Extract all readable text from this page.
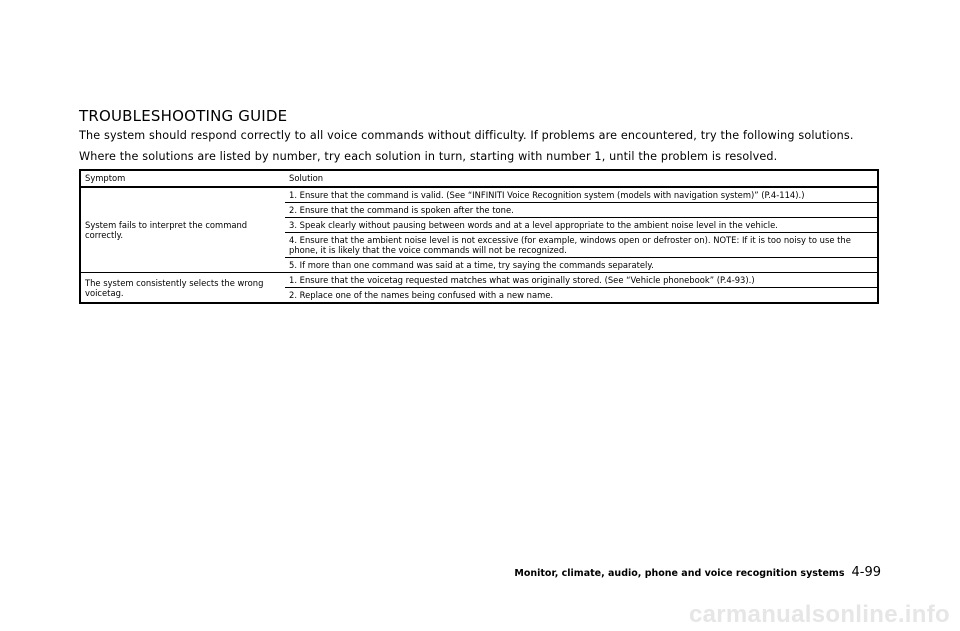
TROUBLESHOOTING GUIDE

The system should respond correctly to all voice commands without difficulty. If problems are encountered, try the following solutions.

Where the solutions are listed by number, try each solution in turn, starting with number 1, until the problem is resolved.

Symptom	Solution
System fails to interpret the command correctly.	1. Ensure that the command is valid. (See “INFINITI Voice Recognition system (models with navigation system)” (P.4-114).)
	2. Ensure that the command is spoken after the tone.
	3. Speak clearly without pausing between words and at a level appropriate to the ambient noise level in the vehicle.
	4. Ensure that the ambient noise level is not excessive (for example, windows open or defroster on). NOTE: If it is too noisy to use the phone, it is likely that the voice commands will not be recognized.
	5. If more than one command was said at a time, try saying the commands separately.
The system consistently selects the wrong voicetag.	1. Ensure that the voicetag requested matches what was originally stored. (See “Vehicle phonebook” (P.4-93).)
	2. Replace one of the names being confused with a new name.
Monitor, climate, audio, phone and voice recognition systems 4-99
carmanualsonline.info
